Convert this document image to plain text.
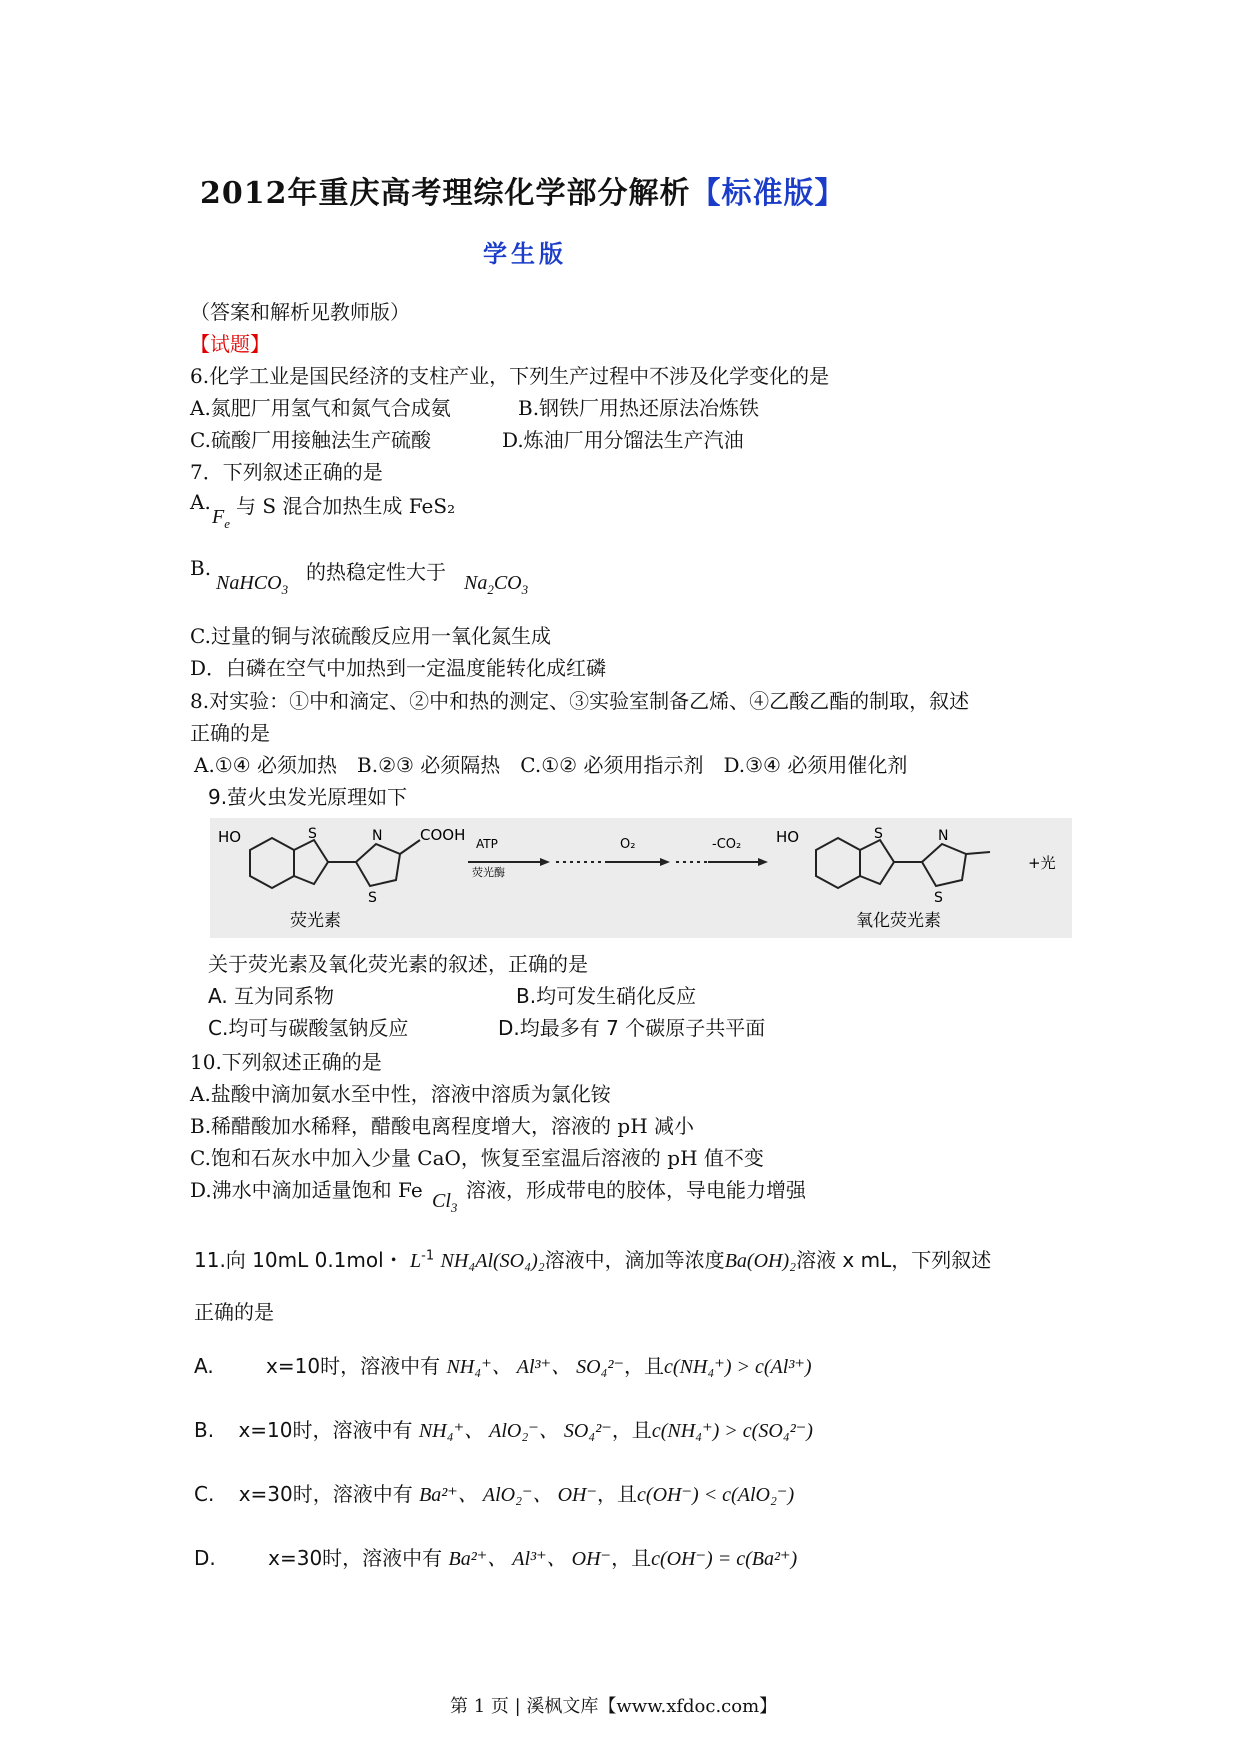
2012年重庆高考理综化学部分解析【标准版】
学生版
（答案和解析见教师版）
【试题】
6.化学工业是国民经济的支柱产业，下列生产过程中不涉及化学变化的是
A.氮肥厂用氢气和氮气合成氨	B.钢铁厂用热还原法冶炼铁
C.硫酸厂用接触法生产硫酸	D.炼油厂用分馏法生产汽油
7．下列叙述正确的是
A.
$F_e$
与 S 混合加热生成 FeS₂
B.
NaHCO$_3$
的热稳定性大于 $Na_2CO_3$
C.过量的铜与浓硫酸反应用一氧化氮生成
D．白磷在空气中加热到一定温度能转化成红磷
8.对实验：①中和滴定、②中和热的测定、③实验室制备乙烯、④乙酸乙酯的制取，叙述
正确的是
A.①④ 必须加热　B.②③ 必须隔热　C.①② 必须用指示剂　D.③④ 必须用催化剂
9.萤火虫发光原理如下
HO	S	N
S
COOH
荧光素
ATP
荧光酶
O₂	-CO₂ HO	S	N
S
+光
氧化荧光素
关于荧光素及氧化荧光素的叙述，正确的是
A. 互为同系物	B.均可发生硝化反应
C.均可与碳酸氢钠反应	D.均最多有 7 个碳原子共平面
10.下列叙述正确的是
A.盐酸中滴加氨水至中性，溶液中溶质为氯化铵
B.稀醋酸加水稀释，醋酸电离程度增大，溶液的 pH 减小
C.饱和石灰水中加入少量 CaO，恢复至室温后溶液的 pH 值不变
D.沸水中滴加适量饱和 Fe $Cl_3$
溶液，形成带电的胶体，导电能力增强
11.向 10mL 0.1mol・ $L^{-1}$ NH₄Al(SO₄)₂溶液中，滴加等浓度Ba(OH)₂溶液 x mL，下列叙述
正确的是
A.	x=10时，溶液中有 NH₄⁺、 Al³⁺、 SO₄²⁻，且c(NH₄⁺) > c(Al³⁺)
B. x=10时，溶液中有 NH₄⁺、 AlO₂⁻、 SO₄²⁻，且c(NH₄⁺) > c(SO₄²⁻)
C. x=30时，溶液中有 Ba²⁺、 AlO₂⁻、 OH⁻，且c(OH⁻) < c(AlO₂⁻)
D.	x=30时，溶液中有 Ba²⁺、 Al³⁺、 OH⁻，且c(OH⁻) = c(Ba²⁺)
第 1 页 | 溪枫文库【www.xfdoc.com】
